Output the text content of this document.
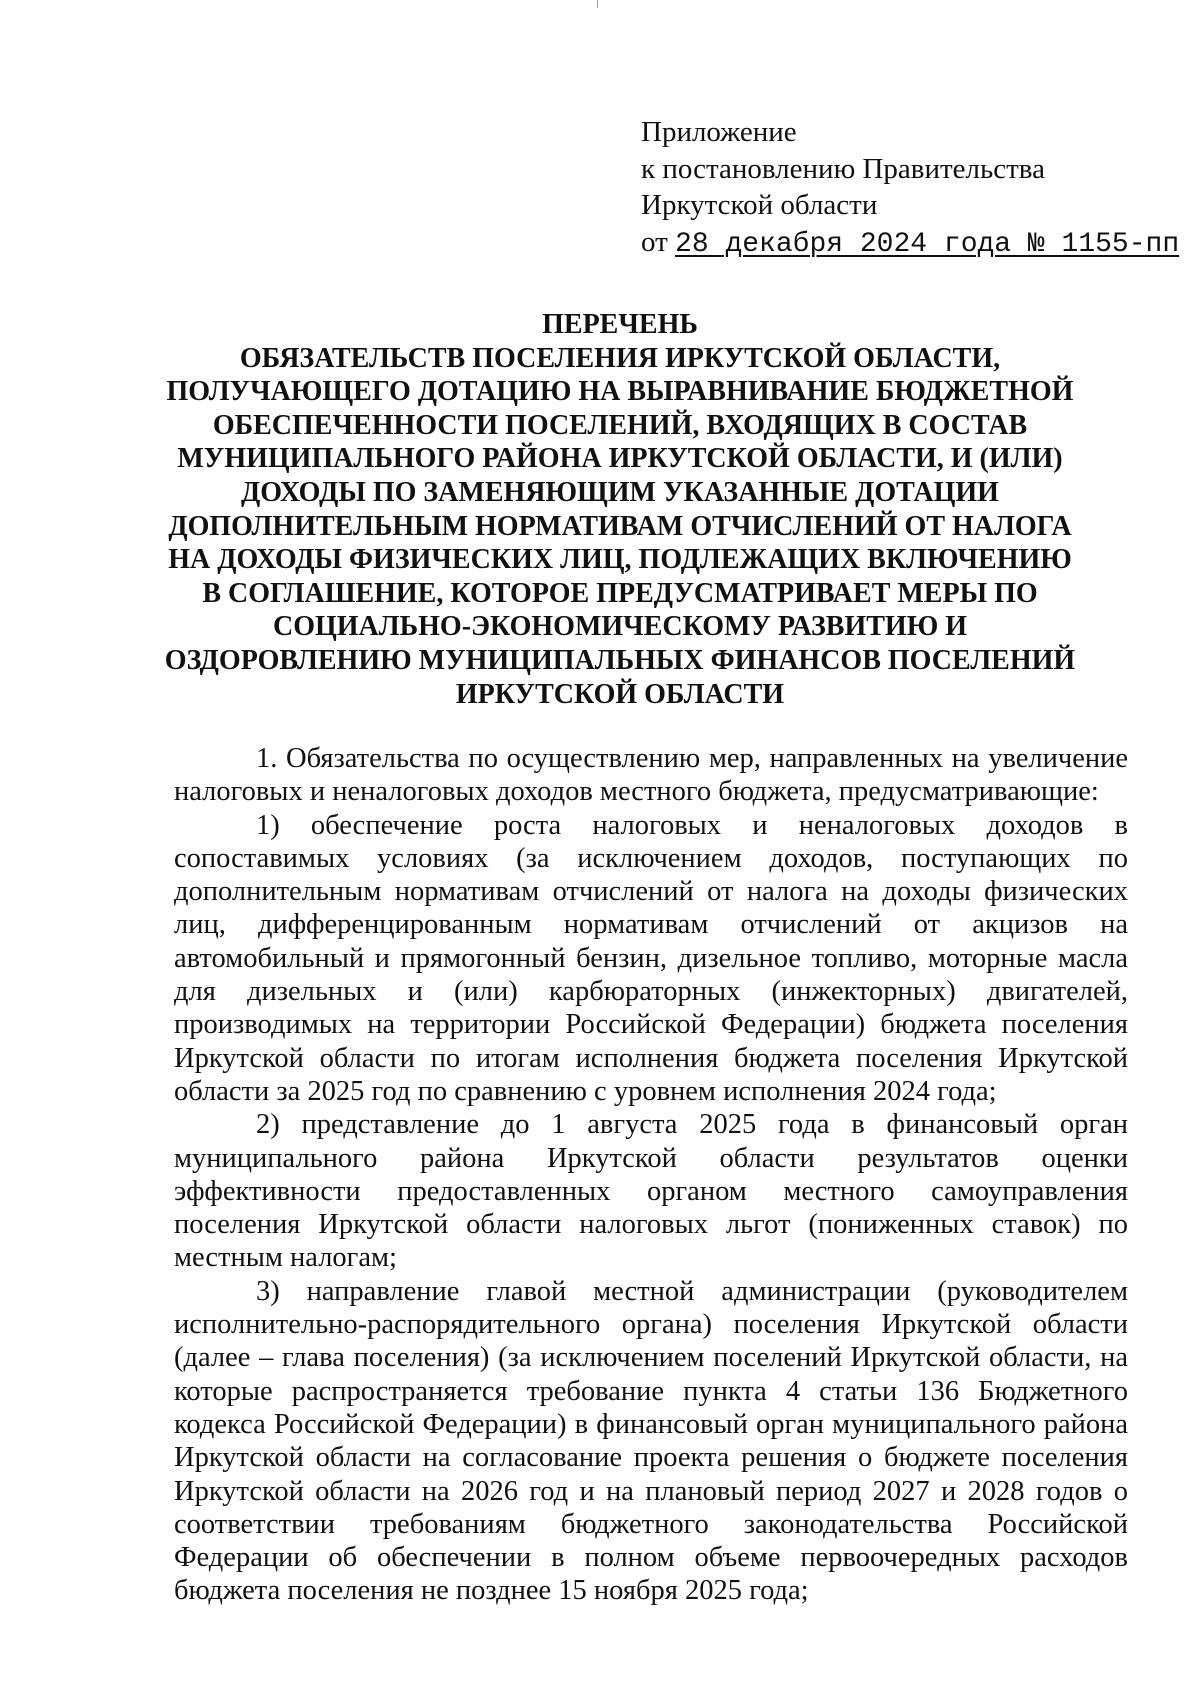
Приложение
к постановлению Правительства
Иркутской области
от 28 декабря 2024 года № 1155-пп
ПЕРЕЧЕНЬ
ОБЯЗАТЕЛЬСТВ ПОСЕЛЕНИЯ ИРКУТСКОЙ ОБЛАСТИ,
ПОЛУЧАЮЩЕГО ДОТАЦИЮ НА ВЫРАВНИВАНИЕ БЮДЖЕТНОЙ
ОБЕСПЕЧЕННОСТИ ПОСЕЛЕНИЙ, ВХОДЯЩИХ В СОСТАВ
МУНИЦИПАЛЬНОГО РАЙОНА ИРКУТСКОЙ ОБЛАСТИ, И (ИЛИ)
ДОХОДЫ ПО ЗАМЕНЯЮЩИМ УКАЗАННЫЕ ДОТАЦИИ
ДОПОЛНИТЕЛЬНЫМ НОРМАТИВАМ ОТЧИСЛЕНИЙ ОТ НАЛОГА
НА ДОХОДЫ ФИЗИЧЕСКИХ ЛИЦ, ПОДЛЕЖАЩИХ ВКЛЮЧЕНИЮ
В СОГЛАШЕНИЕ, КОТОРОЕ ПРЕДУСМАТРИВАЕТ МЕРЫ ПО
СОЦИАЛЬНО-ЭКОНОМИЧЕСКОМУ РАЗВИТИЮ И
ОЗДОРОВЛЕНИЮ МУНИЦИПАЛЬНЫХ ФИНАНСОВ ПОСЕЛЕНИЙ
ИРКУТСКОЙ ОБЛАСТИ

1. Обязательства по осуществлению мер, направленных на увеличение налоговых и неналоговых доходов местного бюджета, предусматривающие:

1) обеспечение роста налоговых и неналоговых доходов в сопоставимых условиях (за исключением доходов, поступающих по дополнительным нормативам отчислений от налога на доходы физических лиц, дифференцированным нормативам отчислений от акцизов на автомобильный и прямогонный бензин, дизельное топливо, моторные масла для дизельных и (или) карбюраторных (инжекторных) двигателей, производимых на территории Российской Федерации) бюджета поселения Иркутской области по итогам исполнения бюджета поселения Иркутской области за 2025 год по сравнению с уровнем исполнения 2024 года;

2) представление до 1 августа 2025 года в финансовый орган муниципального района Иркутской области результатов оценки эффективности предоставленных органом местного самоуправления поселения Иркутской области налоговых льгот (пониженных ставок) по местным налогам;

3) направление главой местной администрации (руководителем исполнительно-распорядительного органа) поселения Иркутской области (далее – глава поселения) (за исключением поселений Иркутской области, на которые распространяется требование пункта 4 статьи 136 Бюджетного кодекса Российской Федерации) в финансовый орган муниципального района Иркутской области на согласование проекта решения о бюджете поселения Иркутской области на 2026 год и на плановый период 2027 и 2028 годов о соответствии требованиям бюджетного законодательства Российской Федерации об обеспечении в полном объеме первоочередных расходов бюджета поселения не позднее 15 ноября 2025 года;
